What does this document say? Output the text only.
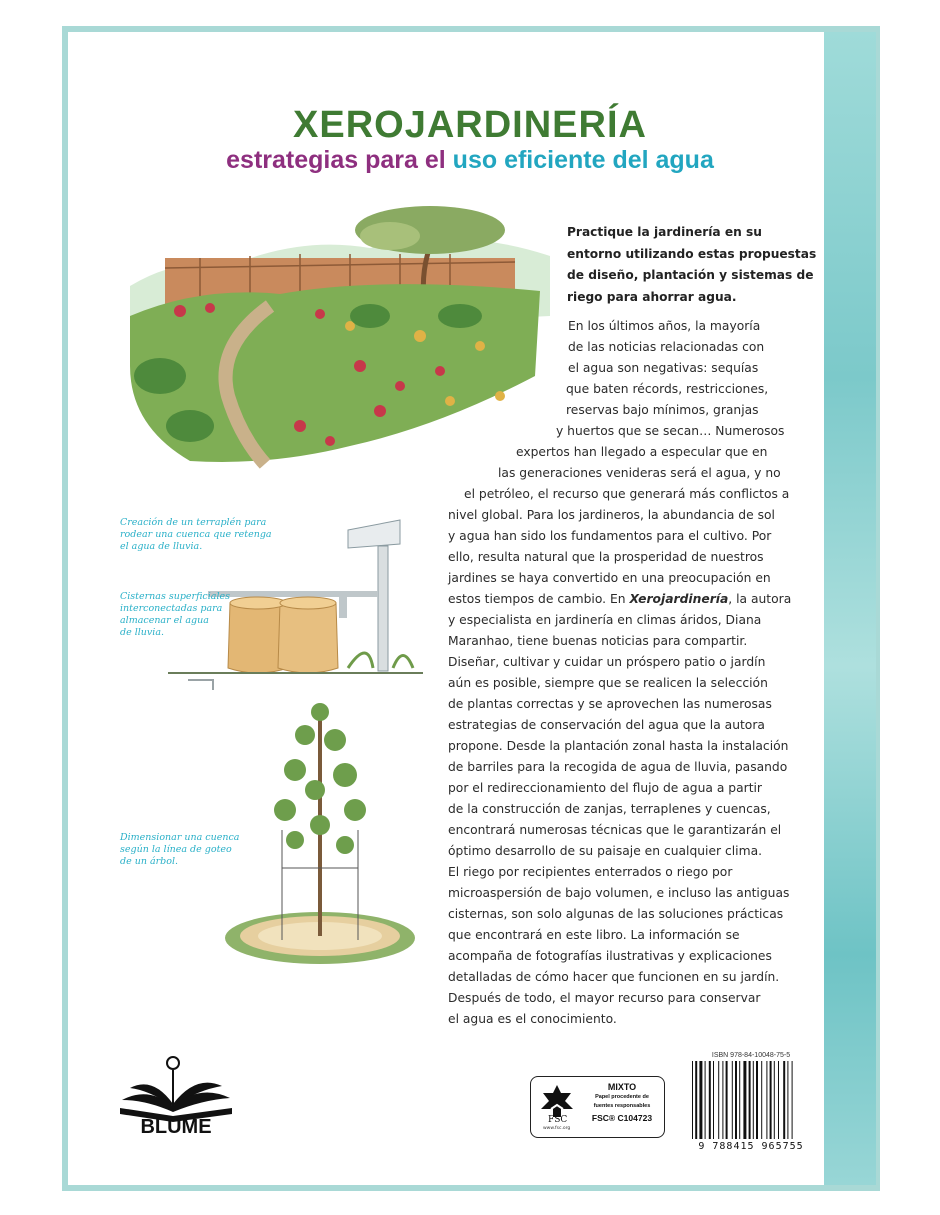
XEROJARDINERÍA
estrategias para el uso eficiente del agua
Creación de un terraplén para
rodear una cuenca que retenga
el agua de lluvia.
Cisternas superficiales
interconectadas para
almacenar el agua
de lluvia.
Dimensionar una cuenca
según la línea de goteo
de un árbol.
Practique la jardinería en su
entorno utilizando estas propuestas
de diseño, plantación y sistemas de
riego para ahorrar agua.
En los últimos años, la mayoría
de las noticias relacionadas con
el agua son negativas: sequías
que baten récords, restricciones,
reservas bajo mínimos, granjas
y huertos que se secan… Numerosos
expertos han llegado a especular que en
las generaciones venideras será el agua, y no
el petróleo, el recurso que generará más conflictos a
nivel global. Para los jardineros, la abundancia de sol
y agua han sido los fundamentos para el cultivo. Por
ello, resulta natural que la prosperidad de nuestros
jardines se haya convertido en una preocupación en
estos tiempos de cambio. En Xerojardinería, la autora
y especialista en jardinería en climas áridos, Diana
Maranhao, tiene buenas noticias para compartir.
Diseñar, cultivar y cuidar un próspero patio o jardín
aún es posible, siempre que se realicen la selección
de plantas correctas y se aprovechen las numerosas
estrategias de conservación del agua que la autora
propone. Desde la plantación zonal hasta la instalación
de barriles para la recogida de agua de lluvia, pasando
por el redireccionamiento del flujo de agua a partir
de la construcción de zanjas, terraplenes y cuencas,
encontrará numerosas técnicas que le garantizarán el
óptimo desarrollo de su paisaje en cualquier clima.
El riego por recipientes enterrados o riego por
microaspersión de bajo volumen, e incluso las antiguas
cisternas, son solo algunas de las soluciones prácticas
que encontrará en este libro. La información se
acompaña de fotografías ilustrativas y explicaciones
detalladas de cómo hacer que funcionen en su jardín.
Después de todo, el mayor recurso para conservar
el agua es el conocimiento.
BLUME	FSC
www.fsc.org
MIXTO
Papel procedente de
fuentes responsables
FSC® C104723
ISBN 978-84-10048-75-5
9 788415 965755
